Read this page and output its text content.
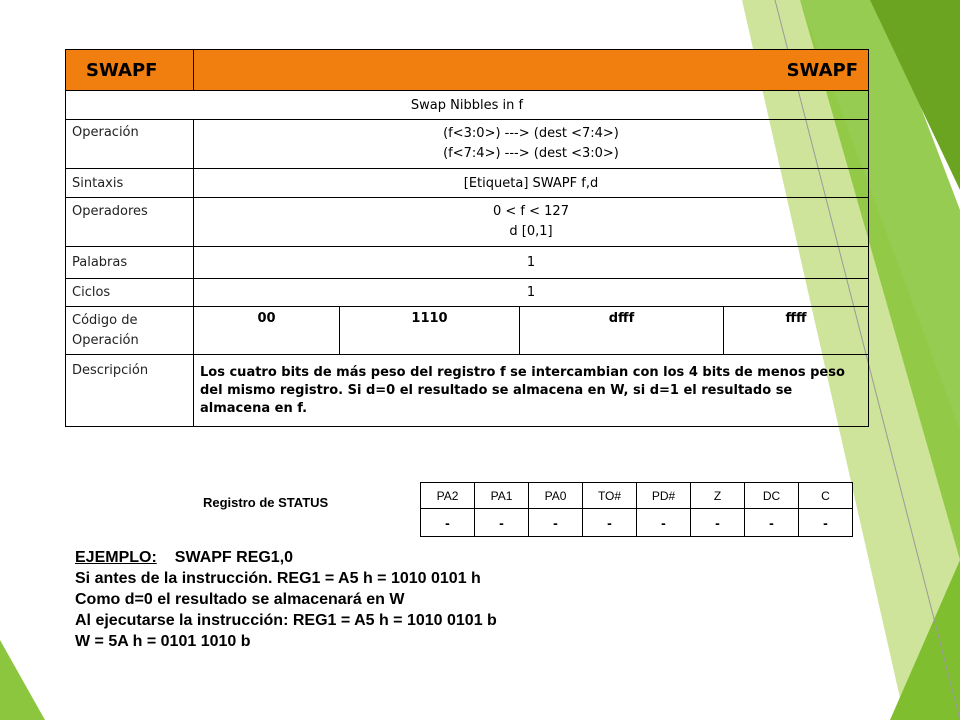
SWAPF	SWAPF			
Swap Nibbles in f				
Operación	(f<3:0>) ---> (dest <7:4>)
(f<7:4>) ---> (dest <3:0>)			

Sintaxis	[Etiqueta] SWAPF f,d			
Operadores	0 < f < 127
d [0,1]			

Palabras	1			
Ciclos	1			
Código de Operación	00	1110	dfff	ffff
Descripción	Los cuatro bits de más peso del registro f se intercambian con los 4 bits de menos peso del mismo registro. Si d=0 el resultado se almacena en W, si d=1 el resultado se almacena en f.			
Registro de STATUS	PA2	PA1	PA0	TO#	PD#	Z	DC	C
-	-	-	-	-	-	-	-
EJEMPLO: SWAPF REG1,0
Si antes de la instrucción. REG1 = A5 h = 1010 0101 h
Como d=0 el resultado se almacenará en W
Al ejecutarse la instrucción: REG1 = A5 h = 1010 0101 b
W = 5A h = 0101 1010 b
